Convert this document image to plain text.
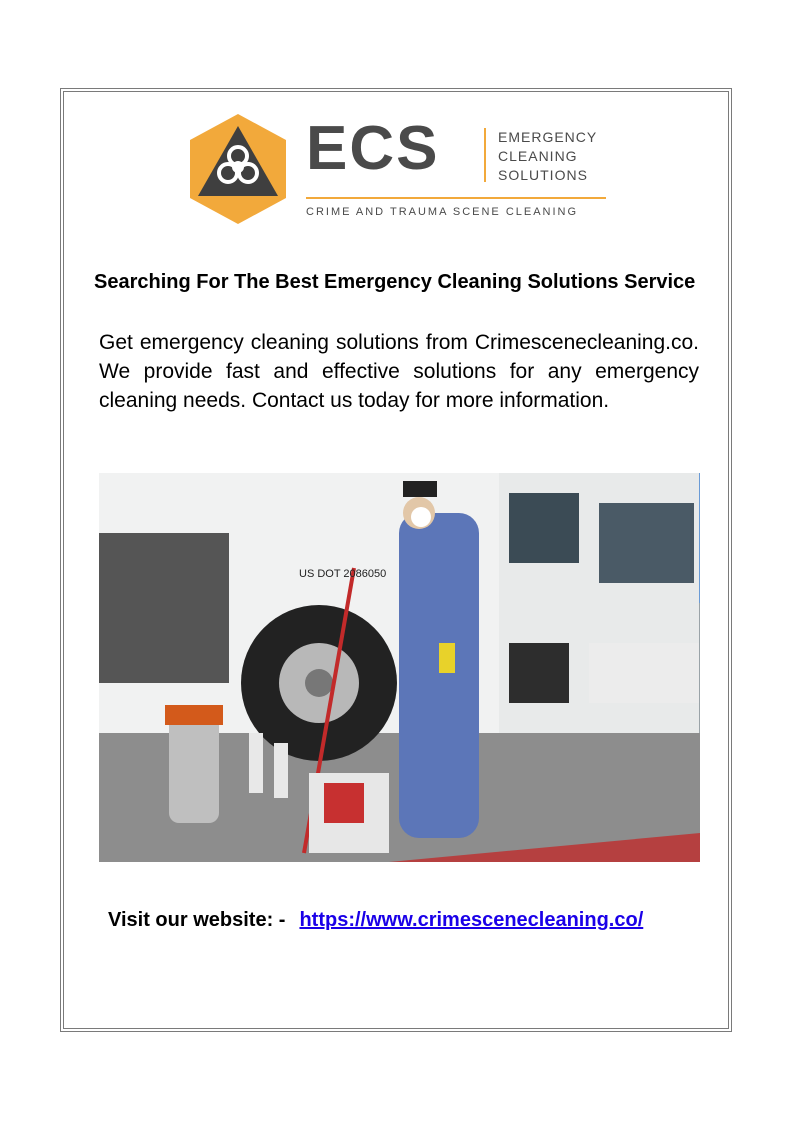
ECS	EMERGENCY
CLEANING
SOLUTIONS
CRIME AND TRAUMA SCENE CLEANING
Searching For The Best Emergency Cleaning Solutions Service
Get emergency cleaning solutions from Crimescenecleaning.co. We provide fast and effective solutions for any emergency cleaning needs. Contact us today for more information.
US DOT 2086050
Visit our website: - https://www.crimescenecleaning.co/
